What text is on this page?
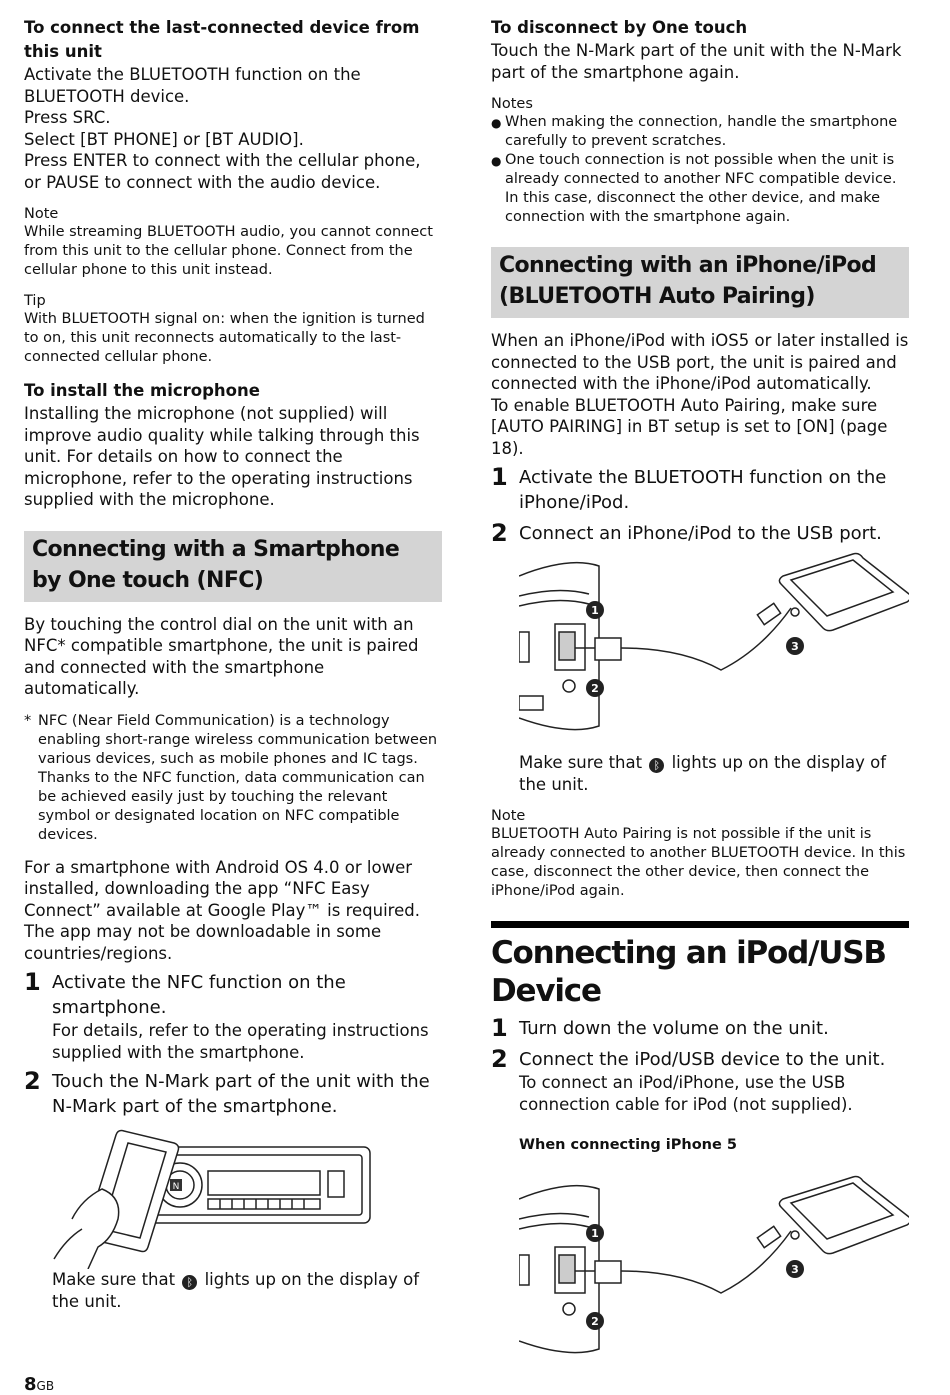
To connect the last-connected device from this unit

Activate the BLUETOOTH function on the BLUETOOTH device.

Press SRC.

Select [BT PHONE] or [BT AUDIO].

Press ENTER to connect with the cellular phone, or PAUSE to connect with the audio device.

Note

While streaming BLUETOOTH audio, you cannot connect from this unit to the cellular phone. Connect from the cellular phone to this unit instead.

Tip

With BLUETOOTH signal on: when the ignition is turned to on, this unit reconnects automatically to the last-connected cellular phone.

To install the microphone

Installing the microphone (not supplied) will improve audio quality while talking through this unit. For details on how to connect the microphone, refer to the operating instructions supplied with the microphone.

Connecting with a Smartphone by One touch (NFC)

By touching the control dial on the unit with an NFC* compatible smartphone, the unit is paired and connected with the smartphone automatically.

* NFC (Near Field Communication) is a technology enabling short-range wireless communication between various devices, such as mobile phones and IC tags. Thanks to the NFC function, data communication can be achieved easily just by touching the relevant symbol or designated location on NFC compatible devices.

For a smartphone with Android OS 4.0 or lower installed, downloading the app “NFC Easy Connect” available at Google Play™ is required. The app may not be downloadable in some countries/regions.

1 Activate the NFC function on the smartphone.

For details, refer to the operating instructions supplied with the smartphone.

2 Touch the N-Mark part of the unit with the N-Mark part of the smartphone.
N

Make sure that ᛒ lights up on the display of the unit.

To disconnect by One touch

Touch the N-Mark part of the unit with the N-Mark part of the smartphone again.

Notes

● When making the connection, handle the smartphone carefully to prevent scratches.
● One touch connection is not possible when the unit is already connected to another NFC compatible device. In this case, disconnect the other device, and make connection with the smartphone again.
Connecting with an iPhone/iPod (BLUETOOTH Auto Pairing)

When an iPhone/iPod with iOS5 or later installed is connected to the USB port, the unit is paired and connected with the iPhone/iPod automatically.

To enable BLUETOOTH Auto Pairing, make sure [AUTO PAIRING] in BT setup is set to [ON] (page 18).

1 Activate the BLUETOOTH function on the iPhone/iPod.
2 Connect an iPhone/iPod to the USB port.
1
2
3

Make sure that ᛒ lights up on the display of the unit.

Note

BLUETOOTH Auto Pairing is not possible if the unit is already connected to another BLUETOOTH device. In this case, disconnect the other device, then connect the iPhone/iPod again.

Connecting an iPod/USB Device
1 Turn down the volume on the unit.
2 Connect the iPod/USB device to the unit.

To connect an iPod/iPhone, use the USB connection cable for iPod (not supplied).

When connecting iPhone 5

1
2
3
8GB
